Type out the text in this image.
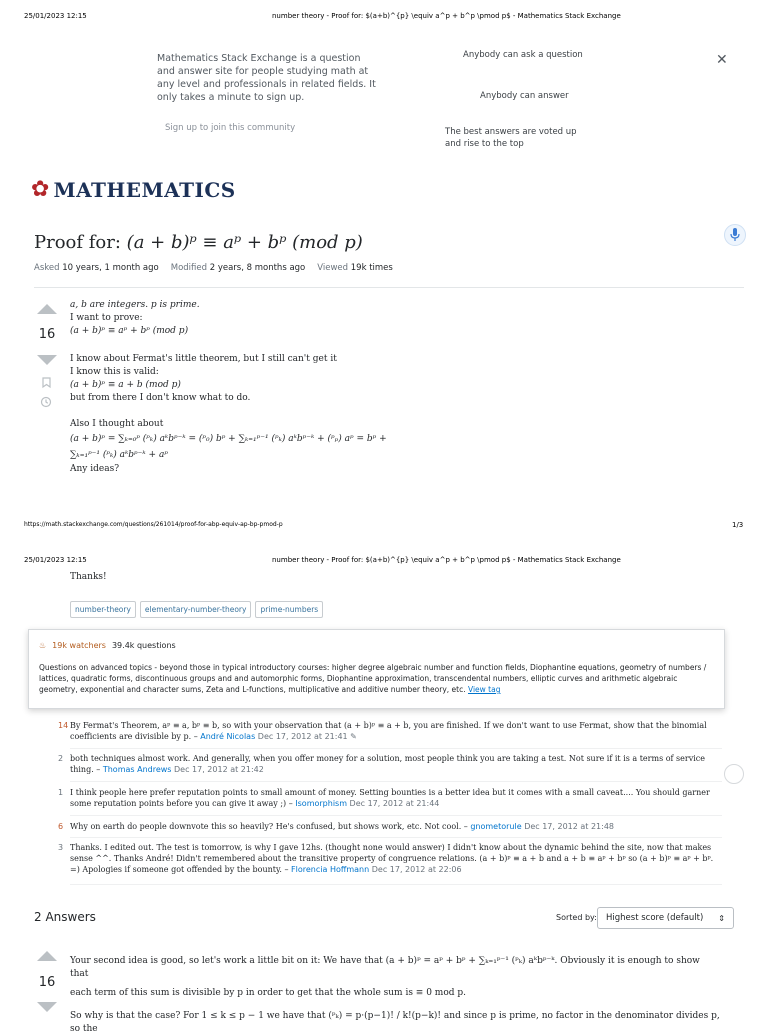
25/01/2023 12:15	number theory - Proof for: $(a+b)^{p} \equiv a^p + b^p \pmod p$ - Mathematics Stack Exchange
Mathematics Stack Exchange is a question and answer site for people studying math at any level and professionals in related fields. It only takes a minute to sign up.
Sign up to join this community
Anybody can ask a question
Anybody can answer
The best answers are voted up and rise to the top
✕
✿ MATHEMATICS
Proof for: (a + b)ᵖ ≡ aᵖ + bᵖ (mod p)
Asked 10 years, 1 month ago Modified 2 years, 8 months ago Viewed 19k times
16
a, b are integers. p is prime.
I want to prove:
(a + b)ᵖ ≡ aᵖ + bᵖ (mod p)
I know about Fermat's little theorem, but I still can't get it
I know this is valid:
(a + b)ᵖ ≡ a + b (mod p)
but from there I don't know what to do.
Also I thought about
(a + b)ᵖ = ∑ₖ₌₀ᵖ (ᵖₖ) aᵏbᵖ⁻ᵏ = (ᵖ₀) bᵖ + ∑ₖ₌₁ᵖ⁻¹ (ᵖₖ) aᵏbᵖ⁻ᵏ + (ᵖₚ) aᵖ = bᵖ +
∑ₖ₌₁ᵖ⁻¹ (ᵖₖ) aᵏbᵖ⁻ᵏ + aᵖ
Any ideas?
https://math.stackexchange.com/questions/261014/proof-for-abp-equiv-ap-bp-pmod-p	1/3
25/01/2023 12:15	number theory - Proof for: $(a+b)^{p} \equiv a^p + b^p \pmod p$ - Mathematics Stack Exchange
Thanks!
number-theory	elementary-number-theory	prime-numbers
♨ 19k watchers 39.4k questions
Questions on advanced topics - beyond those in typical introductory courses: higher degree algebraic number and function fields, Diophantine equations, geometry of numbers / lattices, quadratic forms, discontinuous groups and and automorphic forms, Diophantine approximation, transcendental numbers, elliptic curves and arithmetic algebraic geometry, exponential and character sums, Zeta and L-functions, multiplicative and additive number theory, etc. View tag
14 By Fermat's Theorem, aᵖ ≡ a, bᵖ ≡ b, so with your observation that (a + b)ᵖ ≡ a + b, you are finished. If we don't want to use Fermat, show that the binomial coefficients are divisible by p. – André Nicolas Dec 17, 2012 at 21:41 ✎
2 both techniques almost work. And generally, when you offer money for a solution, most people think you are taking a test. Not sure if it is a terms of service thing. – Thomas Andrews Dec 17, 2012 at 21:42
1 I think people here prefer reputation points to small amount of money. Setting bounties is a better idea but it comes with a small caveat.... You should garner some reputation points before you can give it away ;) – Isomorphism Dec 17, 2012 at 21:44
6 Why on earth do people downvote this so heavily? He's confused, but shows work, etc. Not cool. – gnometorule Dec 17, 2012 at 21:48
3 Thanks. I edited out. The test is tomorrow, is why I gave 12hs. (thought none would answer) I didn't know about the dynamic behind the site, now that makes sense ^^. Thanks André! Didn't remembered about the transitive property of congruence relations. (a + b)ᵖ ≡ a + b and a + b ≡ aᵖ + bᵖ so (a + b)ᵖ ≡ aᵖ + bᵖ. =) Apologies if someone got offended by the bounty. – Florencia Hoffmann Dec 17, 2012 at 22:06
2 Answers	Sorted by: Highest score (default) ⇕
16
Your second idea is good, so let's work a little bit on it: We have that (a + b)ᵖ = aᵖ + bᵖ + ∑ₖ₌₁ᵖ⁻¹ (ᵖₖ) aᵏbᵖ⁻ᵏ. Obviously it is enough to show that
each term of this sum is divisible by p in order to get that the whole sum is ≡ 0 mod p.
So why is that the case? For 1 ≤ k ≤ p − 1 we have that (ᵖₖ) = p·(p−1)! / k!(p−k)! and since p is prime, no factor in the denominator divides p, so the
